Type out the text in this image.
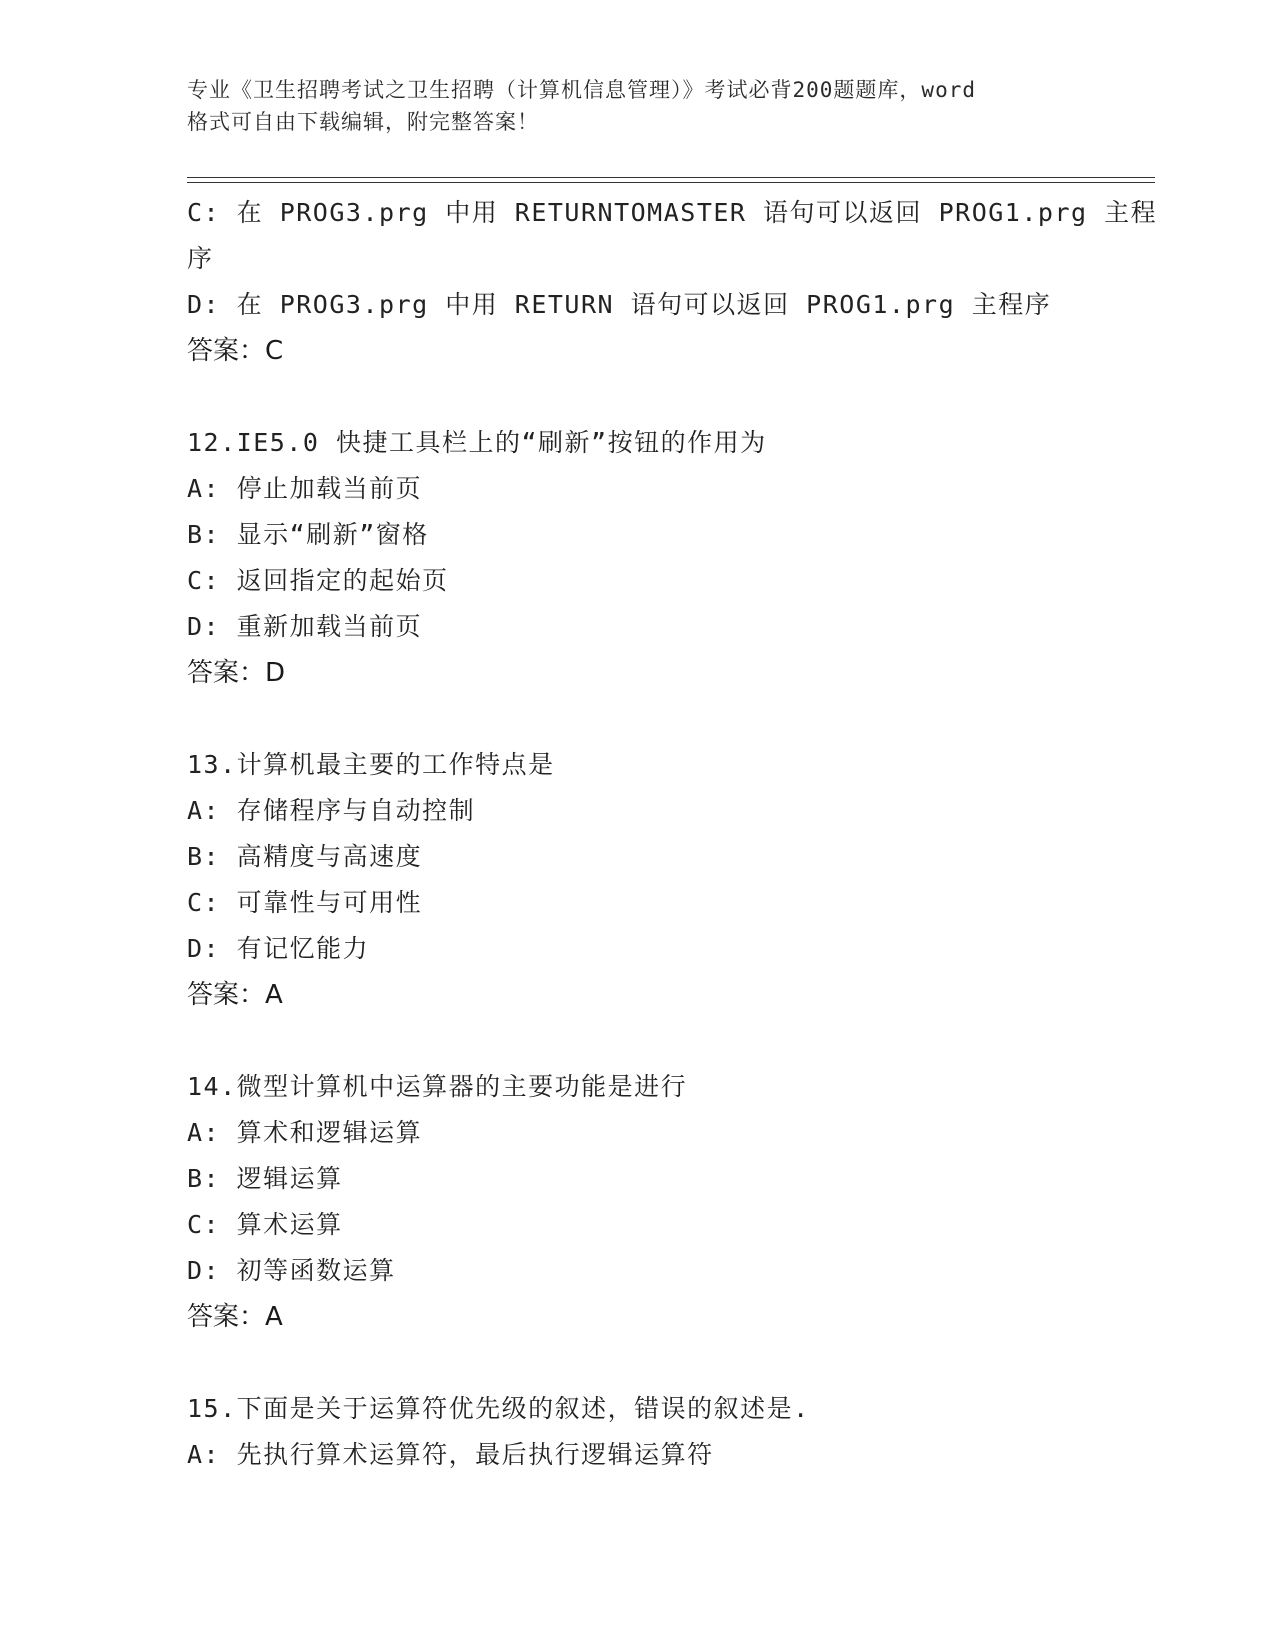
专业《卫生招聘考试之卫生招聘（计算机信息管理）》考试必背200题题库，word
格式可自由下载编辑，附完整答案！
C: 在 PROG3.prg 中用 RETURNTOMASTER 语句可以返回 PROG1.prg 主程
序
D: 在 PROG3.prg 中用 RETURN 语句可以返回 PROG1.prg 主程序
答案：C
12.IE5.0 快捷工具栏上的“刷新”按钮的作用为
A: 停止加载当前页
B: 显示“刷新”窗格
C: 返回指定的起始页
D: 重新加载当前页
答案：D
13.计算机最主要的工作特点是
A: 存储程序与自动控制
B: 高精度与高速度
C: 可靠性与可用性
D: 有记忆能力
答案：A
14.微型计算机中运算器的主要功能是进行
A: 算术和逻辑运算
B: 逻辑运算
C: 算术运算
D: 初等函数运算
答案：A
15.下面是关于运算符优先级的叙述，错误的叙述是.
A: 先执行算术运算符，最后执行逻辑运算符
